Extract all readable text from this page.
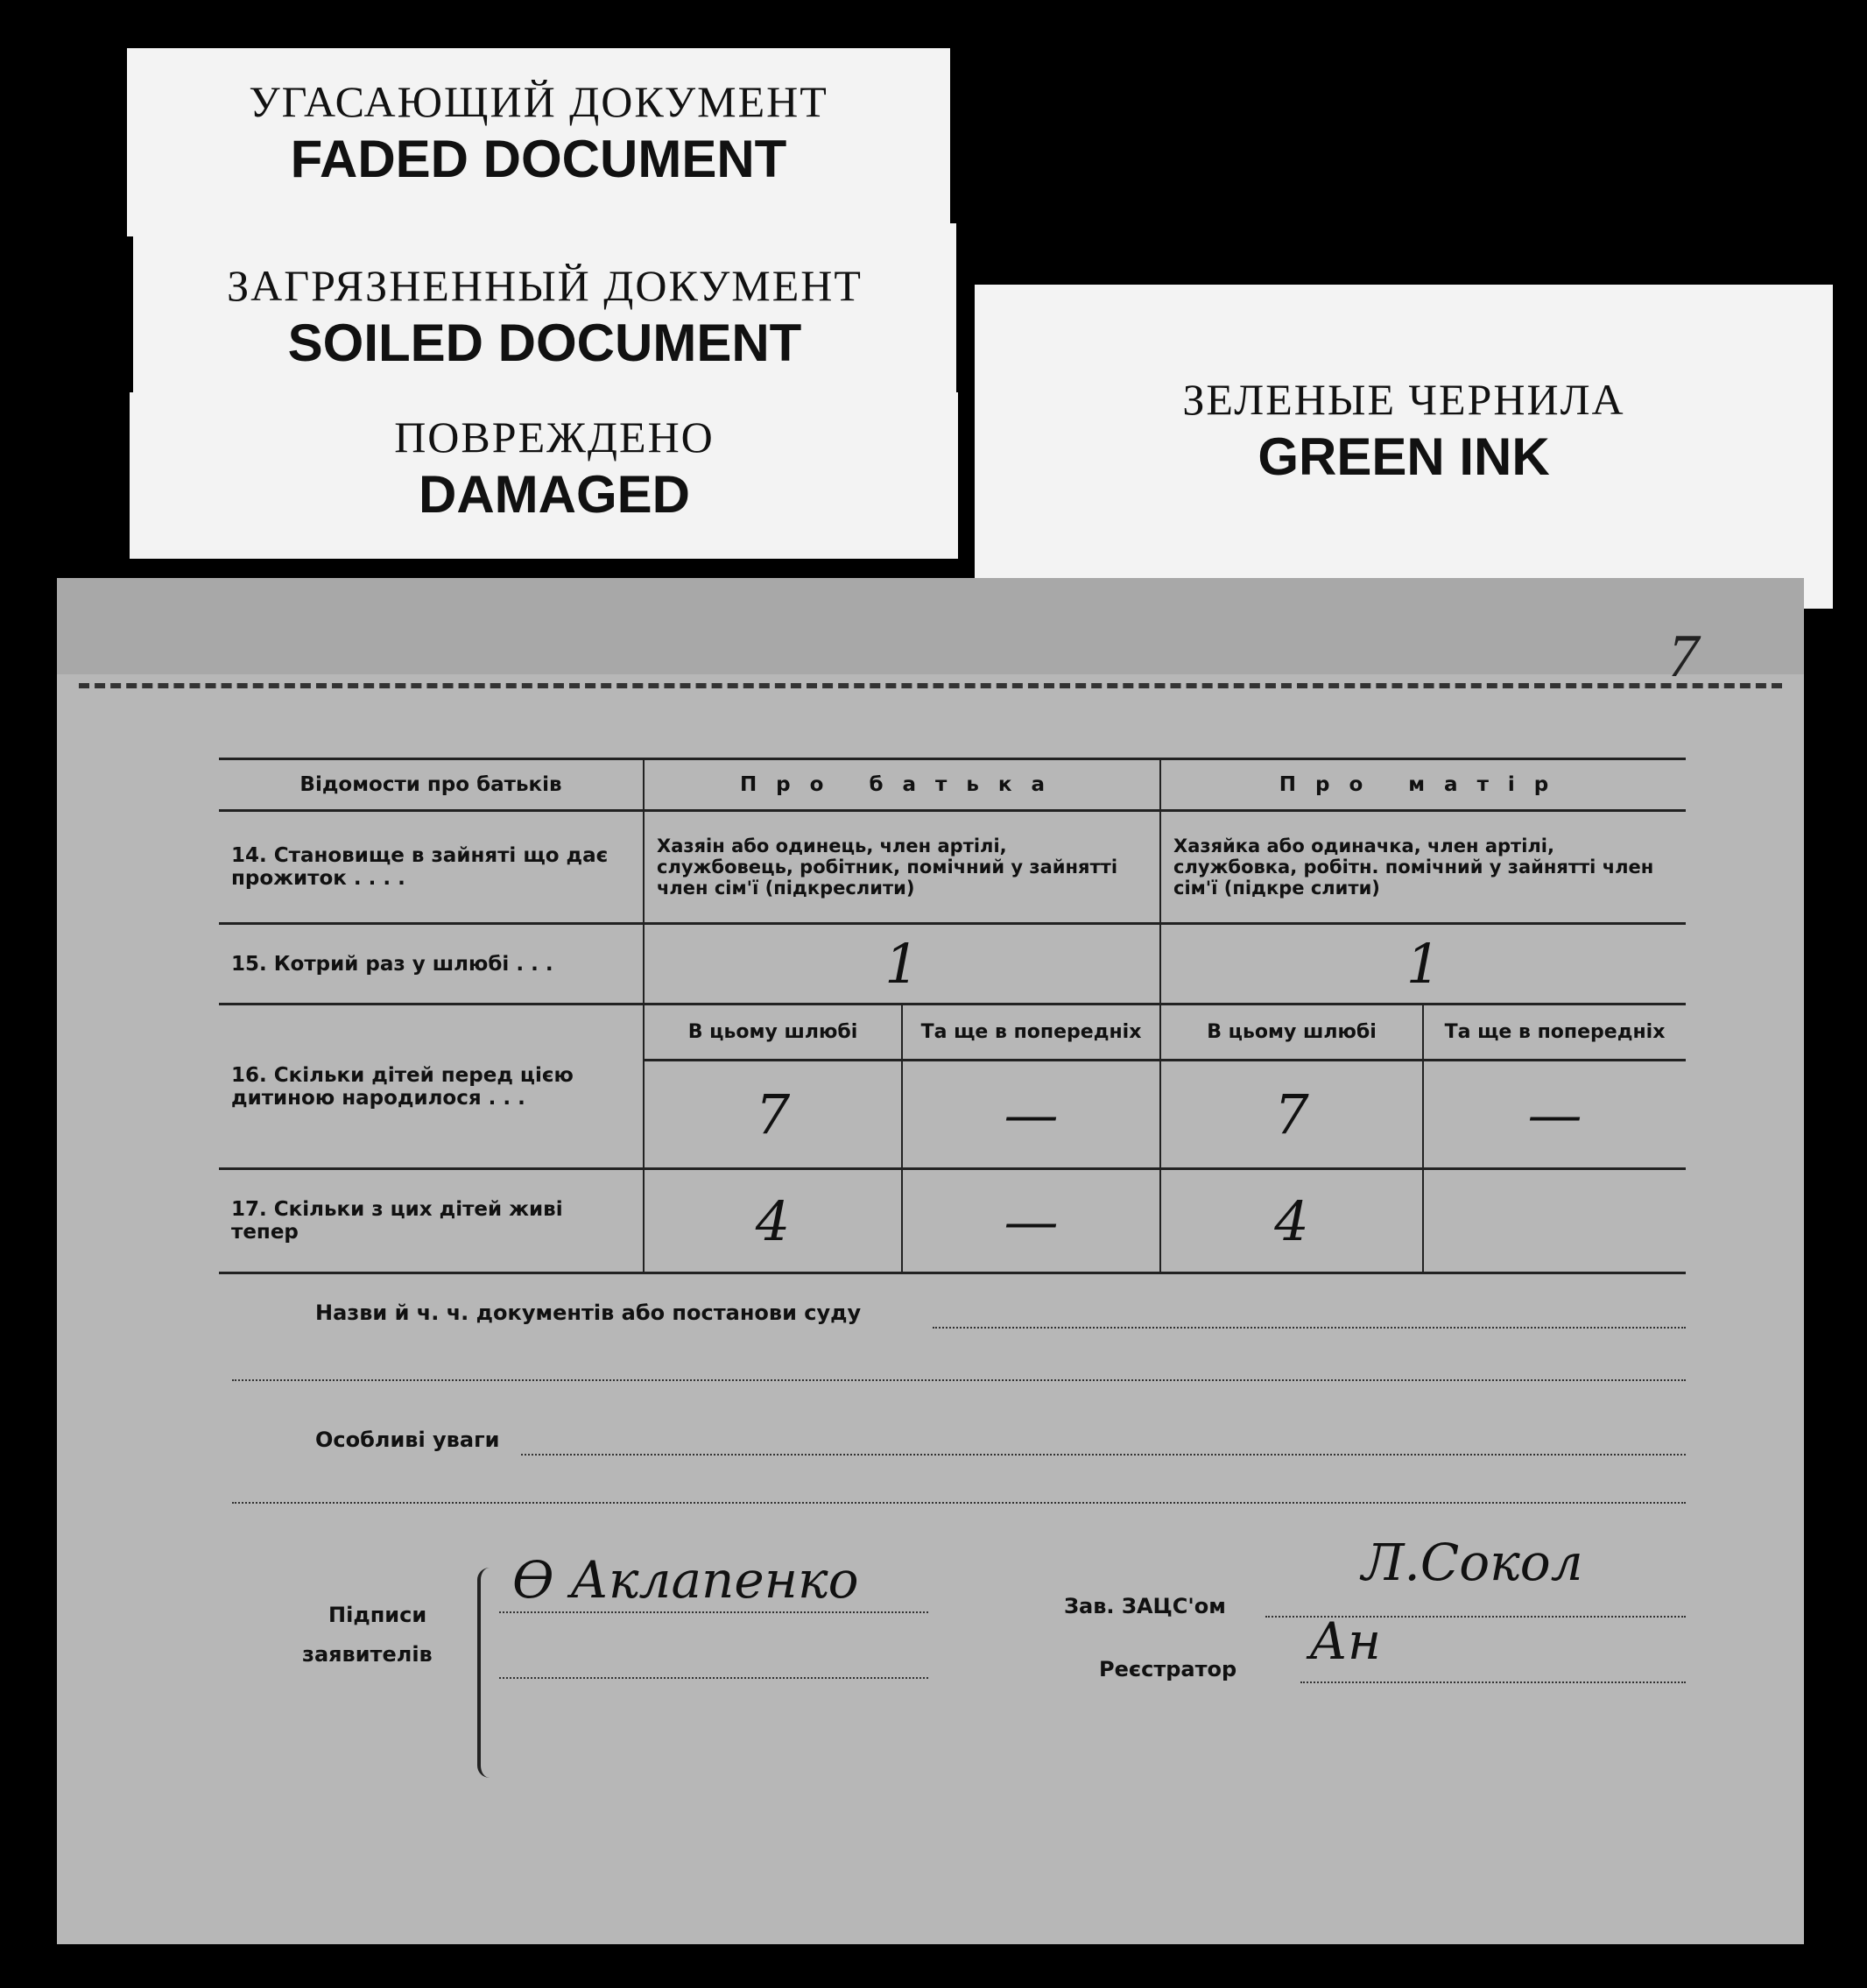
УГАСАЮЩИЙ ДОКУМЕНТ
FADED DOCUMENT
ЗАГРЯЗНЕННЫЙ ДОКУМЕНТ
SOILED DOCUMENT
ПОВРЕЖДЕНО
DAMAGED
ЗЕЛЕНЫЕ ЧЕРНИЛА
GREEN INK
7
Відомости про батьків	Про батька		Про матір	
14. Становище в зайняті що дає прожиток . . . .	Хазяін або одинець, член артілі, службовець, робітник, помічний у зайнятті член сім'ї (підкреслити)		Хазяйка або одиначка, член артілі, службовка, робітн. помічний у зайнятті член сім'ї (підкре слити)	
15. Котрий раз у шлюбі . . .	1		1	
16. Скільки дітей перед цією дитиною народилося . . .	В цьому шлюбі	Та ще в попередніх	В цьому шлюбі	Та ще в попередніх
	7	—	7	—
17. Скільки з цих дітей живі тепер	4	—	4	
Назви й ч. ч. документів або постанови суду
Особливі уваги
Підписи
заявителів
Ө Аклапенко	Зав. ЗАЦС'ом
Л.Сокол
Реєстратор Ан
